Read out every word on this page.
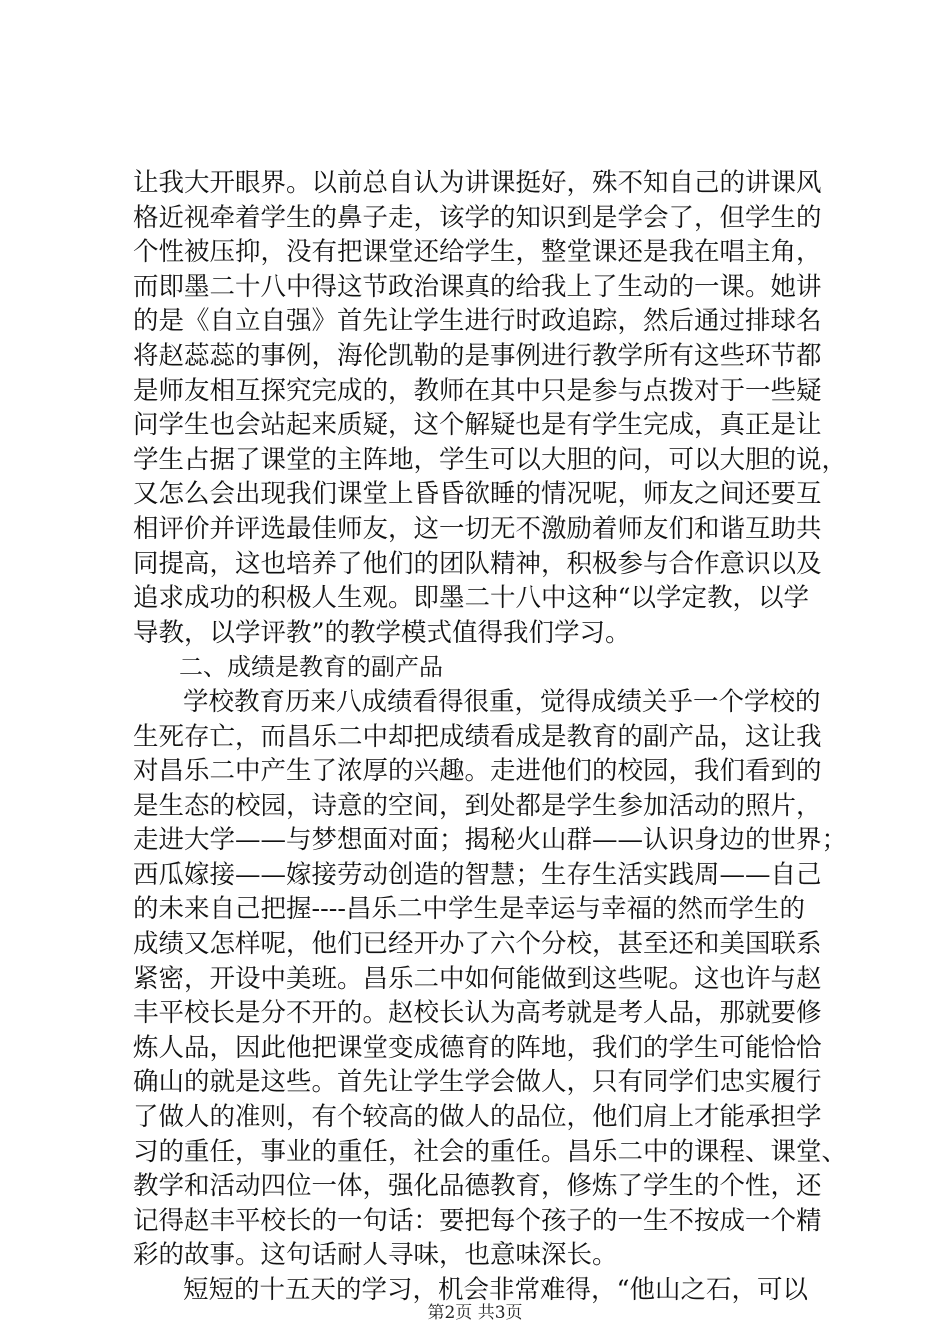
让我大开眼界。以前总自认为讲课挺好，殊不知自己的讲课风
格近视牵着学生的鼻子走，该学的知识到是学会了，但学生的
个性被压抑，没有把课堂还给学生，整堂课还是我在唱主角，
而即墨二十八中得这节政治课真的给我上了生动的一课。她讲
的是《自立自强》首先让学生进行时政追踪，然后通过排球名
将赵蕊蕊的事例，海伦凯勒的是事例进行教学所有这些环节都
是师友相互探究完成的，教师在其中只是参与点拨对于一些疑
问学生也会站起来质疑，这个解疑也是有学生完成，真正是让
学生占据了课堂的主阵地，学生可以大胆的问，可以大胆的说，
又怎么会出现我们课堂上昏昏欲睡的情况呢，师友之间还要互
相评价并评选最佳师友，这一切无不激励着师友们和谐互助共
同提高，这也培养了他们的团队精神，积极参与合作意识以及
追求成功的积极人生观。即墨二十八中这种“以学定教，以学
导教，以学评教”的教学模式值得我们学习。
二、成绩是教育的副产品
学校教育历来八成绩看得很重，觉得成绩关乎一个学校的
生死存亡，而昌乐二中却把成绩看成是教育的副产品，这让我
对昌乐二中产生了浓厚的兴趣。走进他们的校园，我们看到的
是生态的校园，诗意的空间，到处都是学生参加活动的照片，
走进大学——与梦想面对面；揭秘火山群——认识身边的世界；
西瓜嫁接——嫁接劳动创造的智慧；生存生活实践周——自己
的未来自己把握----昌乐二中学生是幸运与幸福的然而学生的
成绩又怎样呢，他们已经开办了六个分校，甚至还和美国联系
紧密，开设中美班。昌乐二中如何能做到这些呢。这也许与赵
丰平校长是分不开的。赵校长认为高考就是考人品，那就要修
炼人品，因此他把课堂变成德育的阵地，我们的学生可能恰恰
确山的就是这些。首先让学生学会做人，只有同学们忠实履行
了做人的准则，有个较高的做人的品位，他们肩上才能承担学
习的重任，事业的重任，社会的重任。昌乐二中的课程、课堂、
教学和活动四位一体，强化品德教育，修炼了学生的个性，还
记得赵丰平校长的一句话：要把每个孩子的一生不按成一个精
彩的故事。这句话耐人寻味，也意味深长。
短短的十五天的学习，机会非常难得，“他山之石，可以
第2页 共3页
